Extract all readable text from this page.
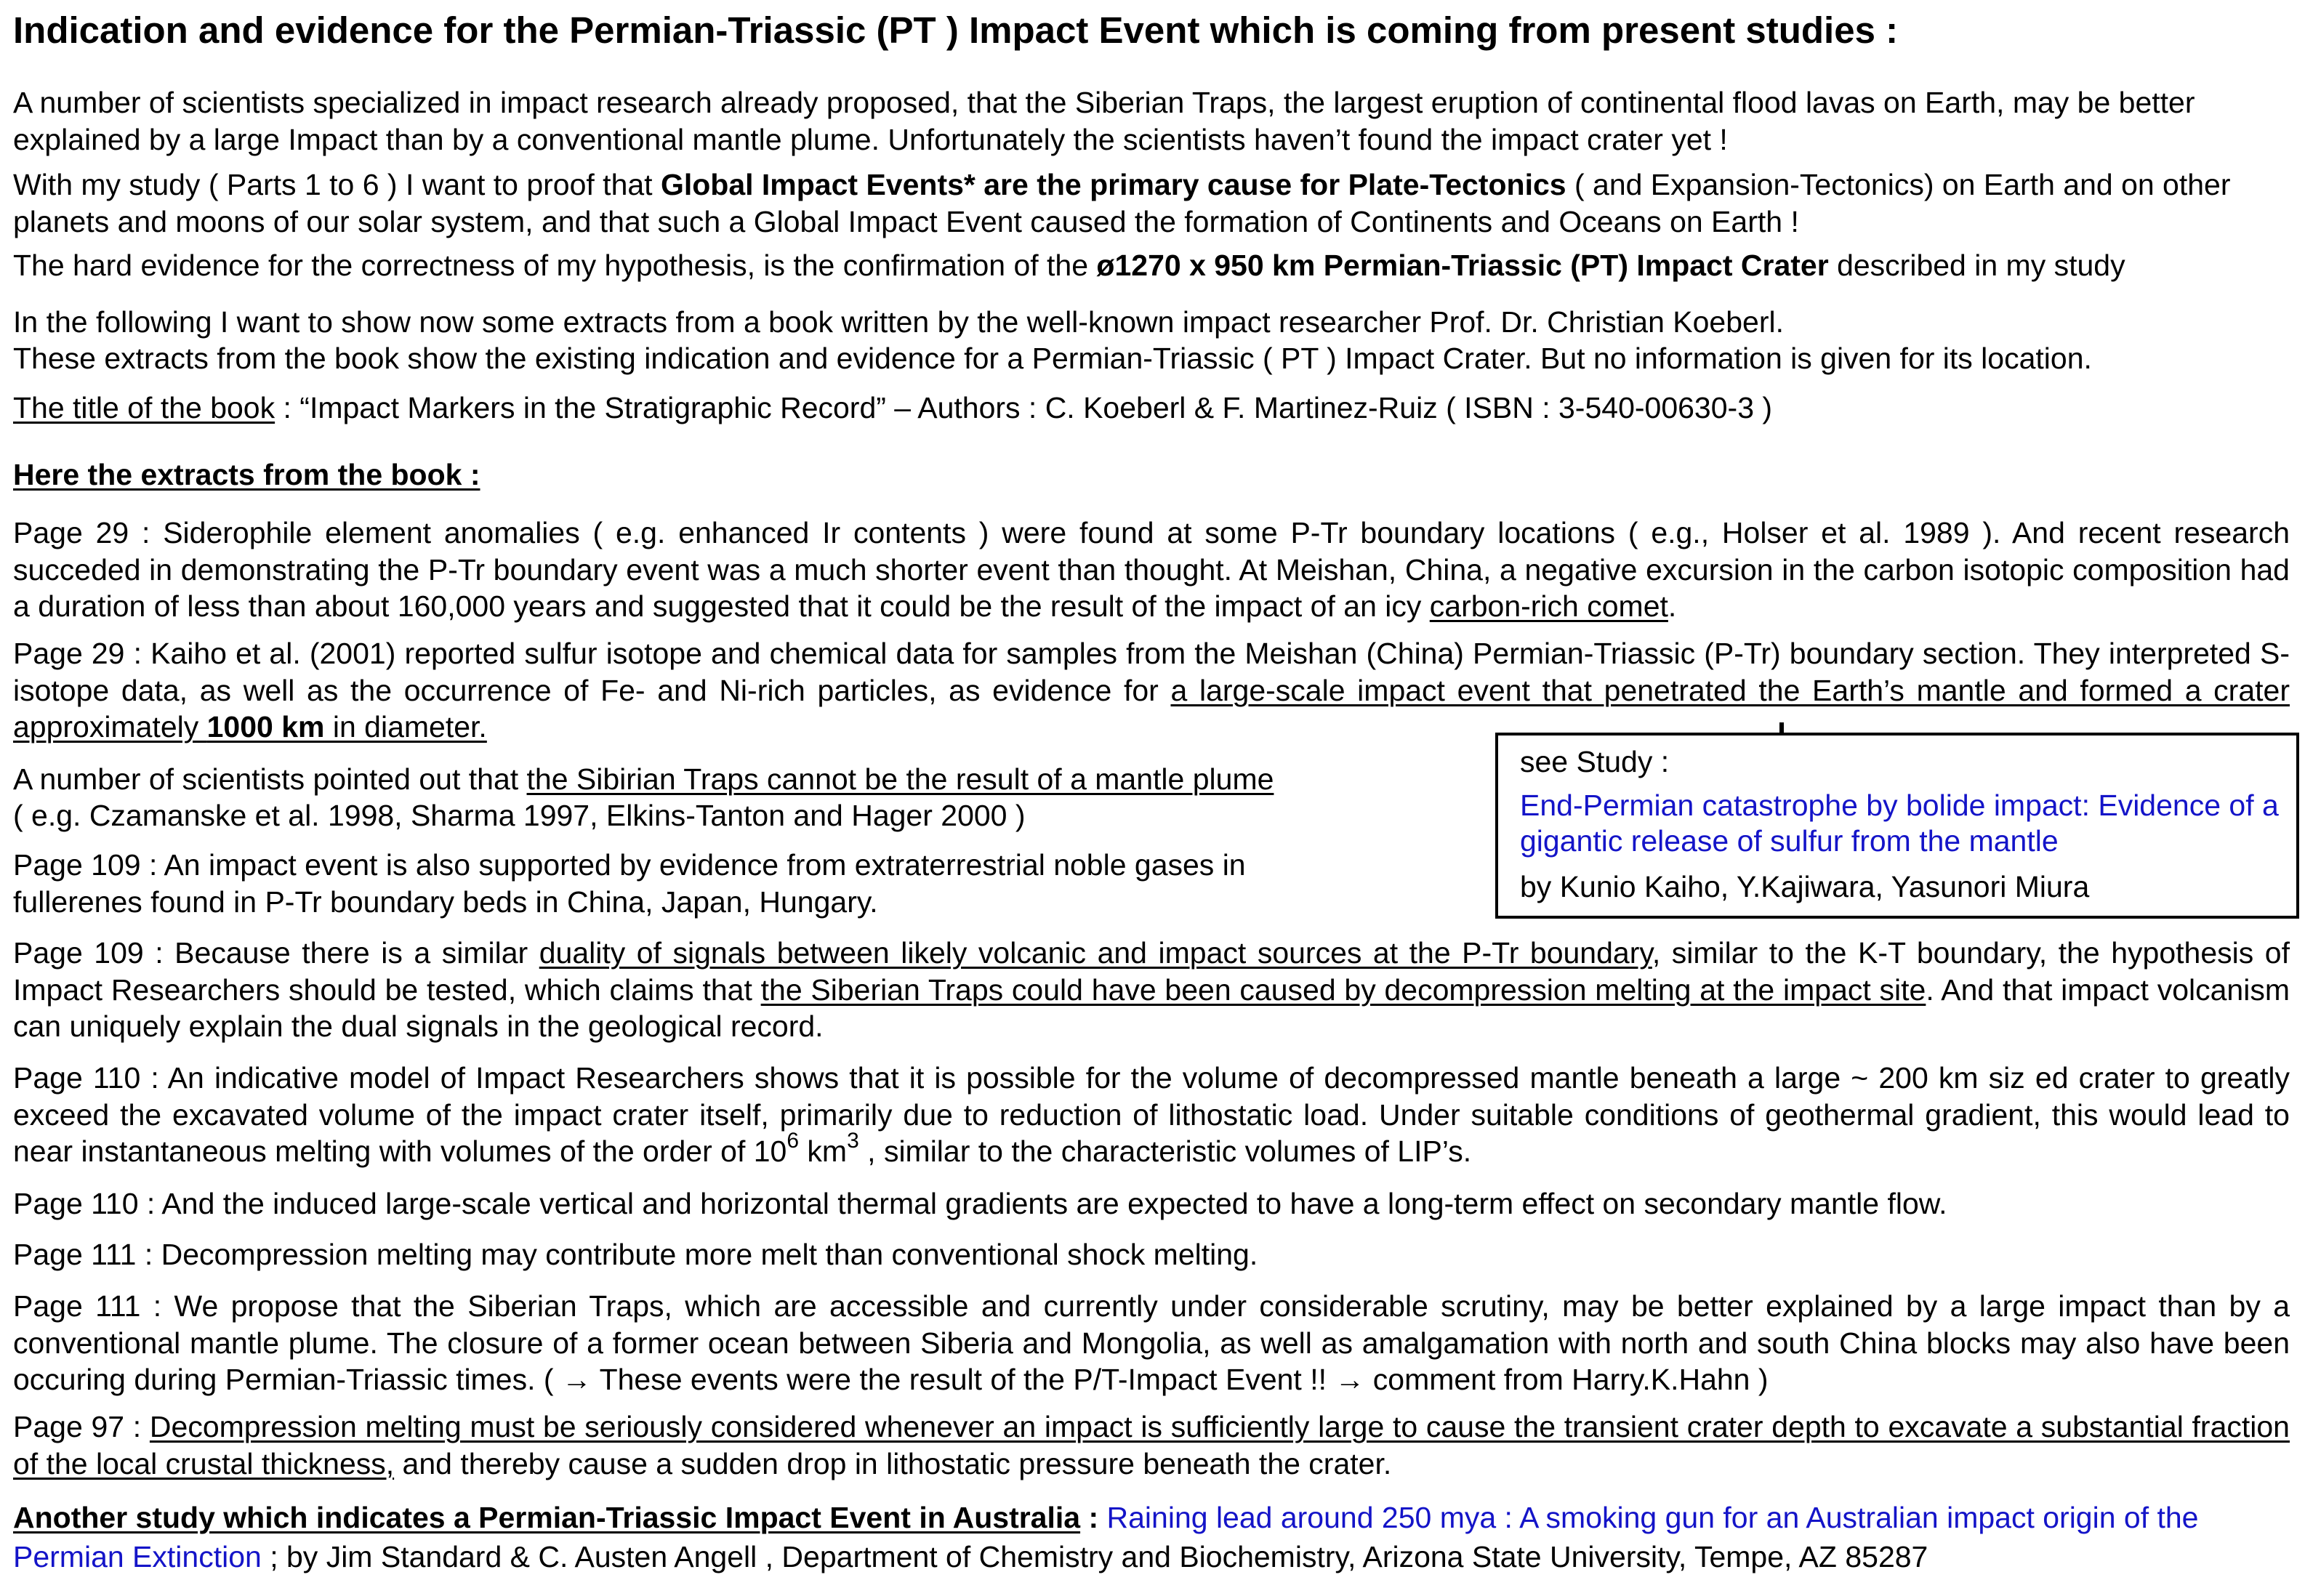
Indication and evidence for the Permian-Triassic (PT ) Impact Event which is coming from present studies :
A number of scientists specialized in impact research already proposed, that the Siberian Traps, the largest eruption of continental flood lavas on Earth, may be better explained by a large Impact than by a conventional mantle plume. Unfortunately the scientists haven’t found the impact crater yet !
With my study ( Parts 1 to 6 ) I want to proof that Global Impact Events* are the primary cause for Plate-Tectonics ( and Expansion-Tectonics) on Earth and on other planets and moons of our solar system, and that such a Global Impact Event caused the formation of Continents and Oceans on Earth !
The hard evidence for the correctness of my hypothesis, is the confirmation of the ø1270 x 950 km Permian-Triassic (PT) Impact Crater described in my study
In the following I want to show now some extracts from a book written by the well-known impact researcher Prof. Dr. Christian Koeberl.
These extracts from the book show the existing indication and evidence for a Permian-Triassic ( PT ) Impact Crater. But no information is given for its location.
The title of the book : “Impact Markers in the Stratigraphic Record” – Authors : C. Koeberl & F. Martinez-Ruiz ( ISBN : 3-540-00630-3 )
Here the extracts from the book :
Page 29 : Siderophile element anomalies ( e.g. enhanced Ir contents ) were found at some P-Tr boundary locations ( e.g., Holser et al. 1989 ). And recent research succeded in demonstrating the P-Tr boundary event was a much shorter event than thought. At Meishan, China, a negative excursion in the carbon isotopic composition had a duration of less than about 160,000 years and suggested that it could be the result of the impact of an icy carbon-rich comet.
Page 29 : Kaiho et al. (2001) reported sulfur isotope and chemical data for samples from the Meishan (China) Permian-Triassic (P-Tr) boundary section. They interpreted S-isotope data, as well as the occurrence of Fe- and Ni-rich particles, as evidence for a large-scale impact event that penetrated the Earth’s mantle and formed a crater approximately 1000 km in diameter.
A number of scientists pointed out that the Sibirian Traps cannot be the result of a mantle plume
( e.g. Czamanske et al. 1998, Sharma 1997, Elkins-Tanton and Hager 2000 )
Page 109 : An impact event is also supported by evidence from extraterrestrial noble gases in fullerenes found in P-Tr boundary beds in China, Japan, Hungary.
Page 109 : Because there is a similar duality of signals between likely volcanic and impact sources at the P-Tr boundary, similar to the K-T boundary, the hypothesis of Impact Researchers should be tested, which claims that the Siberian Traps could have been caused by decompression melting at the impact site. And that impact volcanism can uniquely explain the dual signals in the geological record.
Page 110 : An indicative model of Impact Researchers shows that it is possible for the volume of decompressed mantle beneath a large ~ 200 km siz ed crater to greatly exceed the excavated volume of the impact crater itself, primarily due to reduction of lithostatic load. Under suitable conditions of geothermal gradient, this would lead to near instantaneous melting with volumes of the order of $10^6$ $km^3$ , similar to the characteristic volumes of LIP’s.
Page 110 : And the induced large-scale vertical and horizontal thermal gradients are expected to have a long-term effect on secondary mantle flow.
Page 111 : Decompression melting may contribute more melt than conventional shock melting.
Page 111 : We propose that the Siberian Traps, which are accessible and currently under considerable scrutiny, may be better explained by a large impact than by a conventional mantle plume. The closure of a former ocean between Siberia and Mongolia, as well as amalgamation with north and south China blocks may also have been occuring during Permian-Triassic times. ( → These events were the result of the P/T-Impact Event !! → comment from Harry.K.Hahn )
Page 97 : Decompression melting must be seriously considered whenever an impact is sufficiently large to cause the transient crater depth to excavate a substantial fraction of the local crustal thickness, and thereby cause a sudden drop in lithostatic pressure beneath the crater.
Another study which indicates a Permian-Triassic Impact Event in Australia : Raining lead around 250 mya : A smoking gun for an Australian impact origin of the Permian Extinction ; by Jim Standard & C. Austen Angell , Department of Chemistry and Biochemistry, Arizona State University, Tempe, AZ 85287
see Study :
End-Permian catastrophe by bolide impact: Evidence of a gigantic release of sulfur from the mantle
by Kunio Kaiho, Y.Kajiwara, Yasunori Miura
